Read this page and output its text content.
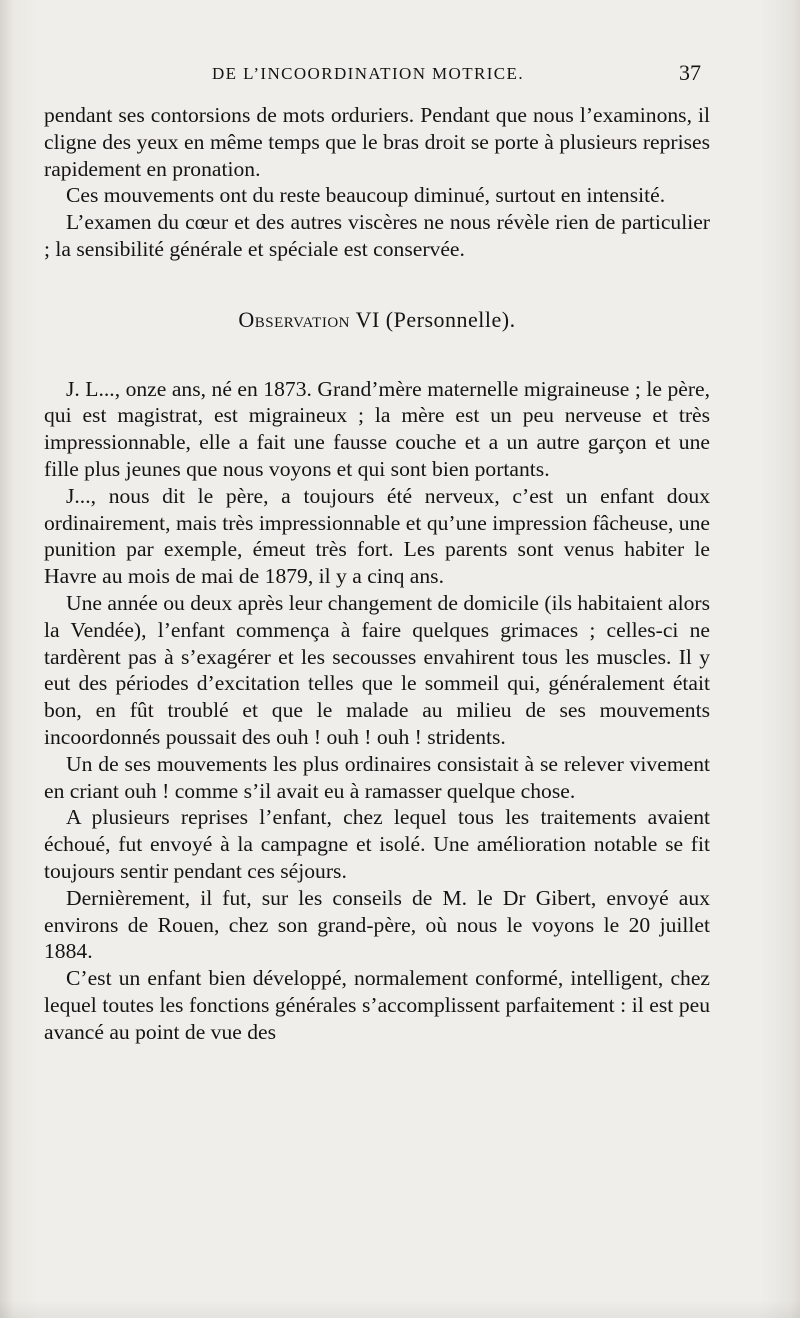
DE L’INCOORDINATION MOTRICE.	37

pendant ses contorsions de mots orduriers. Pendant que nous l’examinons, il cligne des yeux en même temps que le bras droit se porte à plusieurs reprises rapidement en pronation.

Ces mouvements ont du reste beaucoup diminué, surtout en intensité.

L’examen du cœur et des autres viscères ne nous révèle rien de particulier ; la sensibilité générale et spéciale est conservée.

Observation VI (Personnelle).

J. L..., onze ans, né en 1873. Grand’mère maternelle migraineuse ; le père, qui est magistrat, est migraineux ; la mère est un peu nerveuse et très impressionnable, elle a fait une fausse couche et a un autre garçon et une fille plus jeunes que nous voyons et qui sont bien portants.

J..., nous dit le père, a toujours été nerveux, c’est un enfant doux ordinairement, mais très impressionnable et qu’une impression fâcheuse, une punition par exemple, émeut très fort. Les parents sont venus habiter le Havre au mois de mai de 1879, il y a cinq ans.

Une année ou deux après leur changement de domicile (ils habitaient alors la Vendée), l’enfant commença à faire quelques grimaces ; celles-ci ne tardèrent pas à s’exagérer et les secousses envahirent tous les muscles. Il y eut des périodes d’excitation telles que le sommeil qui, généralement était bon, en fût troublé et que le malade au milieu de ses mouvements incoordonnés poussait des ouh ! ouh ! ouh ! stridents.

Un de ses mouvements les plus ordinaires consistait à se relever vivement en criant ouh ! comme s’il avait eu à ramasser quelque chose.

A plusieurs reprises l’enfant, chez lequel tous les traitements avaient échoué, fut envoyé à la campagne et isolé. Une amélioration notable se fit toujours sentir pendant ces séjours.

Dernièrement, il fut, sur les conseils de M. le Dr Gibert, envoyé aux environs de Rouen, chez son grand-père, où nous le voyons le 20 juillet 1884.

C’est un enfant bien développé, normalement conformé, intelligent, chez lequel toutes les fonctions générales s’accomplissent parfaitement : il est peu avancé au point de vue des
